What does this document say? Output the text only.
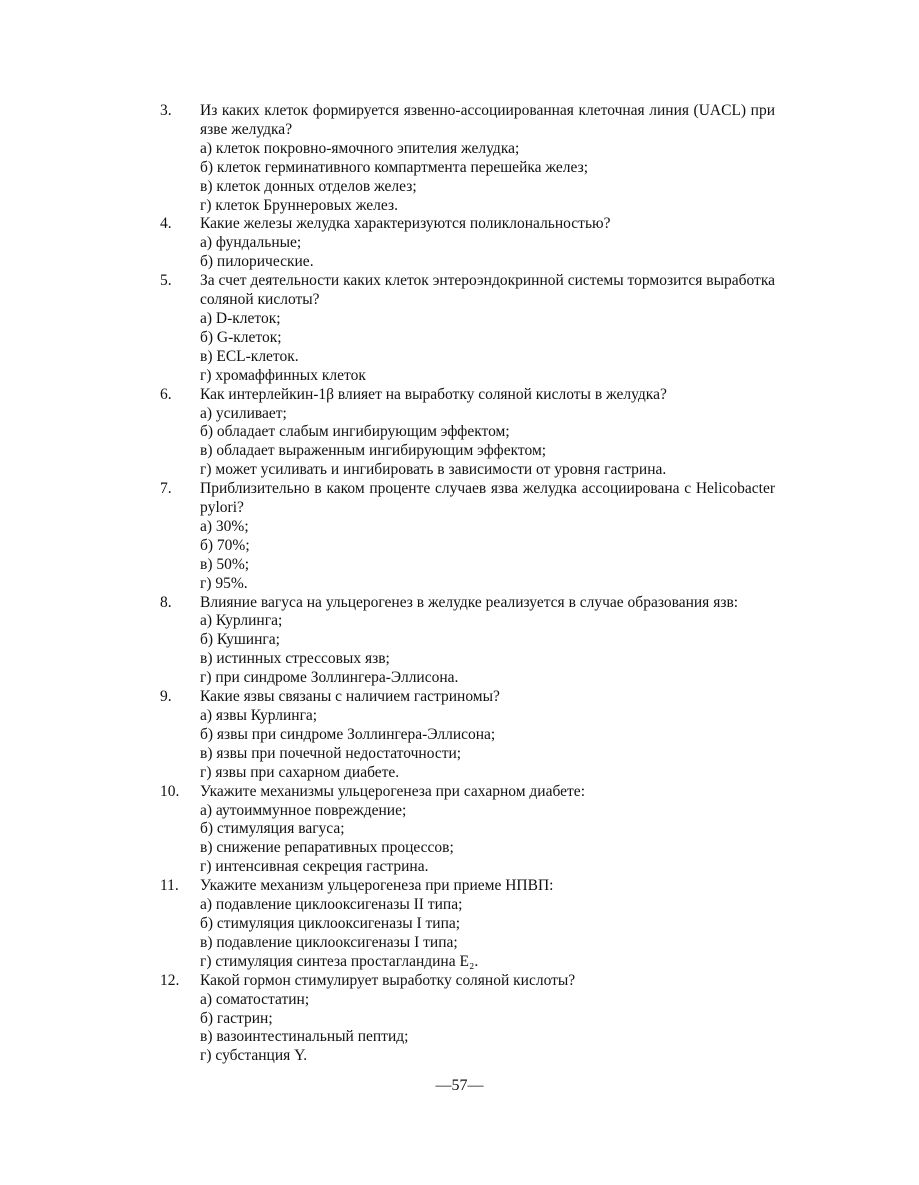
3.	Из каких клеток формируется язвенно-ассоциированная клеточная линия (UACL) при язве желудка?
а) клеток покровно-ямочного эпителия желудка;
б) клеток герминативного компартмента перешейка желез;
в) клеток донных отделов желез;
г) клеток Бруннеровых желез.
4.	Какие железы желудка характеризуются поликлональностью?
а) фундальные;
б) пилорические.
5.	За счет деятельности каких клеток энтероэндокринной системы тормозится выработка соляной кислоты?
а) D-клеток;
б) G-клеток;
в) ECL-клеток.
г) хромаффинных клеток
6.	Как интерлейкин-1β влияет на выработку соляной кислоты в желудка?
а) усиливает;
б) обладает слабым ингибирующим эффектом;
в) обладает выраженным ингибирующим эффектом;
г) может усиливать и ингибировать в зависимости от уровня гастрина.
7.	Приблизительно в каком проценте случаев язва желудка ассоциирована с Helicobacter pylori?
а) 30%;
б) 70%;
в) 50%;
г) 95%.
8.	Влияние вагуса на ульцерогенез в желудке реализуется в случае образования язв:
а) Курлинга;
б) Кушинга;
в) истинных стрессовых язв;
г) при синдроме Золлингера-Эллисона.
9.	Какие язвы связаны с наличием гастриномы?
а) язвы Курлинга;
б) язвы при синдроме Золлингера-Эллисона;
в) язвы при почечной недостаточности;
г) язвы при сахарном диабете.
10.	Укажите механизмы ульцерогенеза при сахарном диабете:
а) аутоиммунное повреждение;
б) стимуляция вагуса;
в) снижение репаративных процессов;
г) интенсивная секреция гастрина.
11.	Укажите механизм ульцерогенеза при приеме НПВП:
а) подавление циклооксигеназы II типа;
б) стимуляция циклооксигеназы I типа;
в) подавление циклооксигеназы I типа;
г) стимуляция синтеза простагландина E₂.
12.	Какой гормон стимулирует выработку соляной кислоты?
а) соматостатин;
б) гастрин;
в) вазоинтестинальный пептид;
г) субстанция Y.
—57—
